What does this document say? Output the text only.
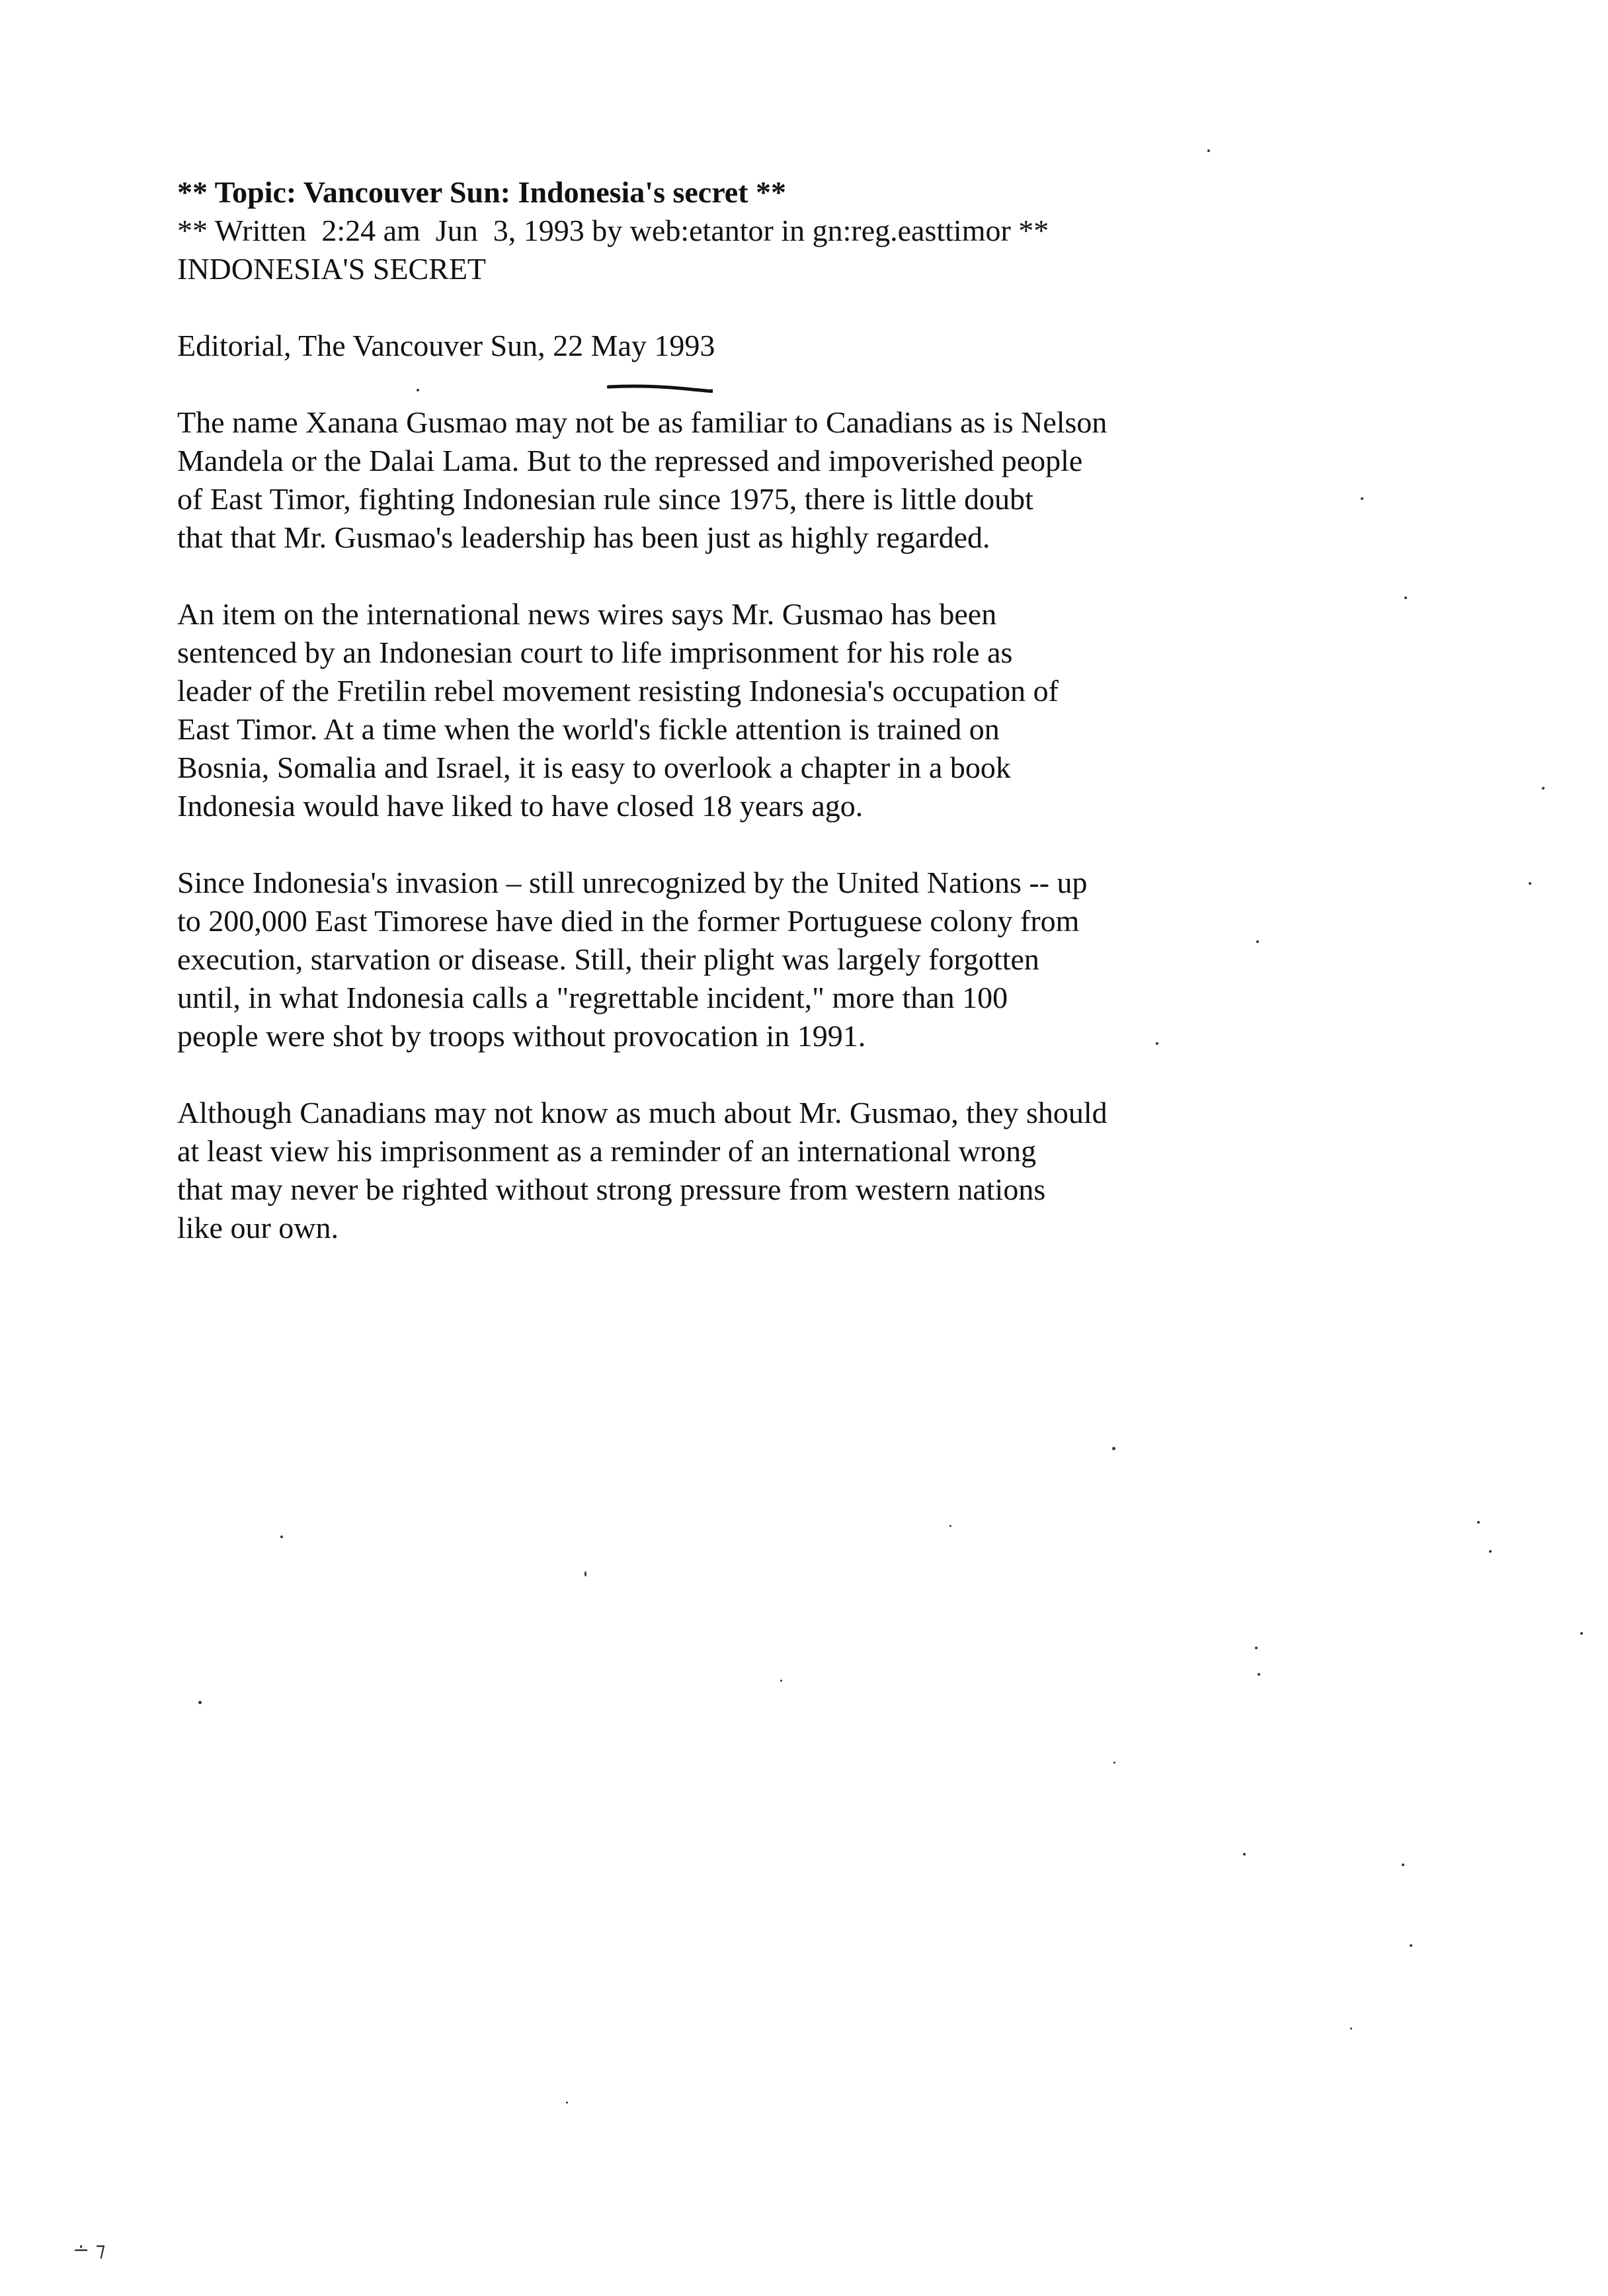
** Topic: Vancouver Sun: Indonesia's secret **

** Written  2:24 am  Jun  3, 1993 by web:etantor in gn:reg.easttimor **

INDONESIA'S SECRET

Editorial, The Vancouver Sun, 22 May 1993

The name Xanana Gusmao may not be as familiar to Canadians as is Nelson
Mandela or the Dalai Lama. But to the repressed and impoverished people
of East Timor, fighting Indonesian rule since 1975, there is little doubt
that that Mr. Gusmao's leadership has been just as highly regarded.

An item on the international news wires says Mr. Gusmao has been
sentenced by an Indonesian court to life imprisonment for his role as
leader of the Fretilin rebel movement resisting Indonesia's occupation of
East Timor. At a time when the world's fickle attention is trained on
Bosnia, Somalia and Israel, it is easy to overlook a chapter in a book
Indonesia would have liked to have closed 18 years ago.

Since Indonesia's invasion – still unrecognized by the United Nations -- up
to 200,000 East Timorese have died in the former Portuguese colony from
execution, starvation or disease. Still, their plight was largely forgotten
until, in what Indonesia calls a "regrettable incident," more than 100
people were shot by troops without provocation in 1991.

Although Canadians may not know as much about Mr. Gusmao, they should
at least view his imprisonment as a reminder of an international wrong
that may never be righted without strong pressure from western nations
like our own.

∸ ⁊
